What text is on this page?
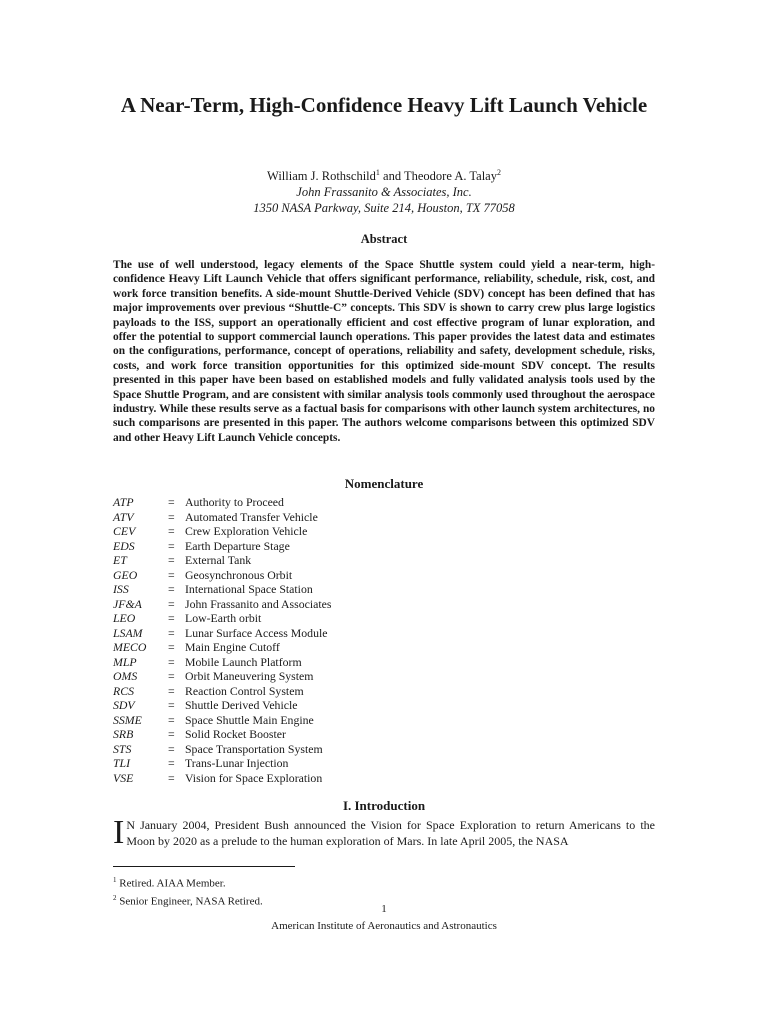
A Near-Term, High-Confidence Heavy Lift Launch Vehicle
William J. Rothschild$^1$ and Theodore A. Talay$^2$
John Frassanito & Associates, Inc.
1350 NASA Parkway, Suite 214, Houston, TX 77058
Abstract

The use of well understood, legacy elements of the Space Shuttle system could yield a near-term, high-confidence Heavy Lift Launch Vehicle that offers significant performance, reliability, schedule, risk, cost, and work force transition benefits. A side-mount Shuttle-Derived Vehicle (SDV) concept has been defined that has major improvements over previous “Shuttle-C” concepts. This SDV is shown to carry crew plus large logistics payloads to the ISS, support an operationally efficient and cost effective program of lunar exploration, and offer the potential to support commercial launch operations. This paper provides the latest data and estimates on the configurations, performance, concept of operations, reliability and safety, development schedule, risks, costs, and work force transition opportunities for this optimized side-mount SDV concept. The results presented in this paper have been based on established models and fully validated analysis tools used by the Space Shuttle Program, and are consistent with similar analysis tools commonly used throughout the aerospace industry. While these results serve as a factual basis for comparisons with other launch system architectures, no such comparisons are presented in this paper. The authors welcome comparisons between this optimized SDV and other Heavy Lift Launch Vehicle concepts.

Nomenclature
ATP	= Authority to Proceed
ATV	= Automated Transfer Vehicle
CEV	= Crew Exploration Vehicle
EDS	= Earth Departure Stage
ET	= External Tank
GEO	= Geosynchronous Orbit
ISS	= International Space Station
JF&A	= John Frassanito and Associates
LEO	= Low-Earth orbit
LSAM	= Lunar Surface Access Module
MECO	= Main Engine Cutoff
MLP	= Mobile Launch Platform
OMS	= Orbit Maneuvering System
RCS	= Reaction Control System
SDV	= Shuttle Derived Vehicle
SSME	= Space Shuttle Main Engine
SRB	= Solid Rocket Booster
STS	= Space Transportation System
TLI	= Trans-Lunar Injection
VSE	= Vision for Space Exploration
I. Introduction
I N January 2004, President Bush announced the Vision for Space Exploration to return Americans to the Moon by 2020 as a prelude to the human exploration of Mars. In late April 2005, the NASA
$^1$ Retired. AIAA Member.
$^2$ Senior Engineer, NASA Retired.
1
American Institute of Aeronautics and Astronautics
